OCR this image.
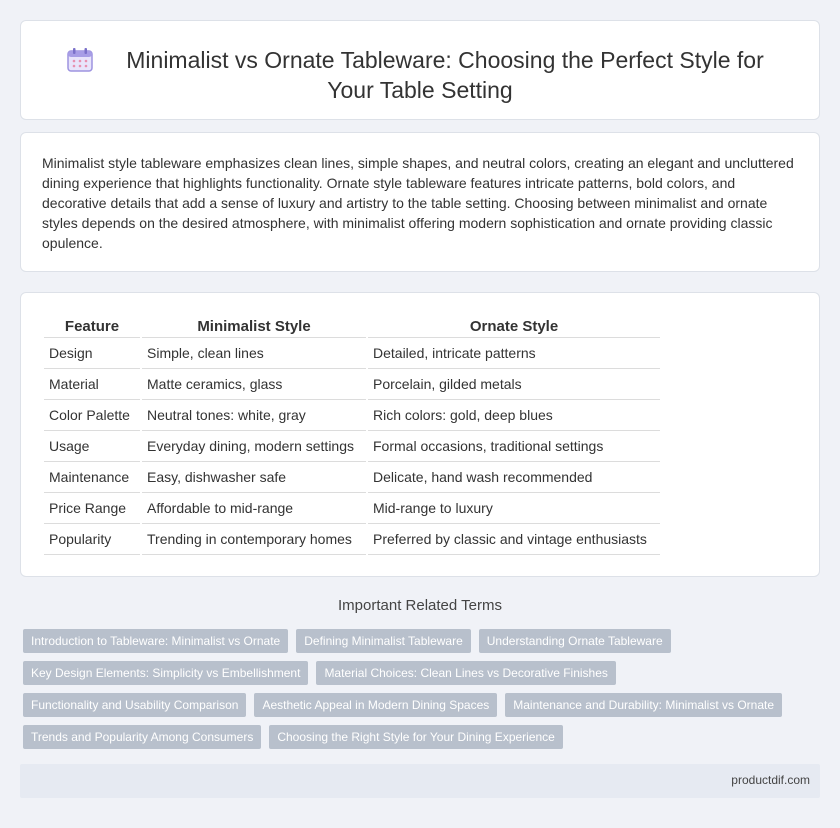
Minimalist vs Ornate Tableware: Choosing the Perfect Style for
Your Table Setting

Minimalist style tableware emphasizes clean lines, simple shapes, and neutral colors, creating an elegant and uncluttered dining experience that highlights functionality. Ornate style tableware features intricate patterns, bold colors, and decorative details that add a sense of luxury and artistry to the table setting. Choosing between minimalist and ornate styles depends on the desired atmosphere, with minimalist offering modern sophistication and ornate providing classic opulence.

Feature	Minimalist Style	Ornate Style
Design	Simple, clean lines	Detailed, intricate patterns
Material	Matte ceramics, glass	Porcelain, gilded metals
Color Palette	Neutral tones: white, gray	Rich colors: gold, deep blues
Usage	Everyday dining, modern settings	Formal occasions, traditional settings
Maintenance	Easy, dishwasher safe	Delicate, hand wash recommended
Price Range	Affordable to mid-range	Mid-range to luxury
Popularity	Trending in contemporary homes	Preferred by classic and vintage enthusiasts
Important Related Terms
Introduction to Tableware: Minimalist vs Ornate	Defining Minimalist Tableware	Understanding Ornate Tableware
Key Design Elements: Simplicity vs Embellishment	Material Choices: Clean Lines vs Decorative Finishes
Functionality and Usability Comparison	Aesthetic Appeal in Modern Dining Spaces	Maintenance and Durability: Minimalist vs Ornate
Trends and Popularity Among Consumers	Choosing the Right Style for Your Dining Experience
productdif.com
